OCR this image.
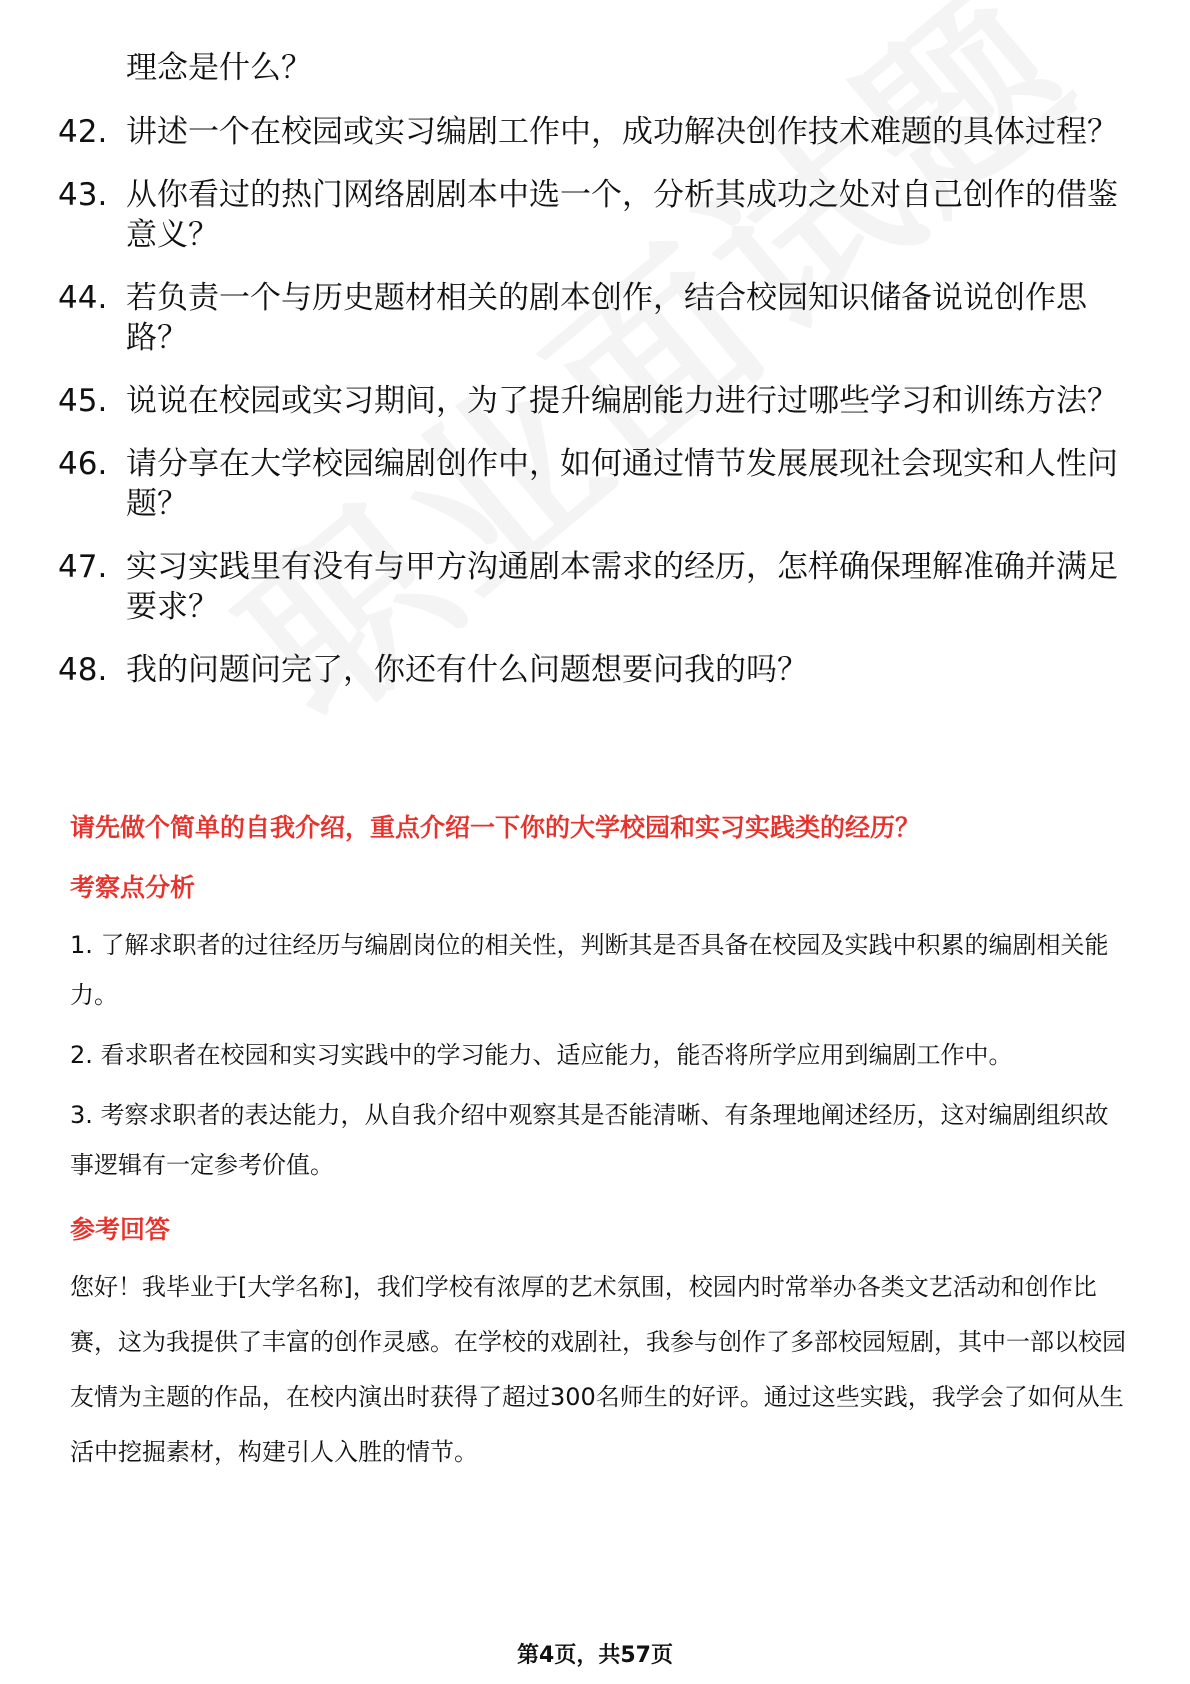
理念是什么？
42. 讲述一个在校园或实习编剧工作中，成功解决创作技术难题的具体过程？
43. 从你看过的热门网络剧剧本中选一个，分析其成功之处对自己创作的借鉴意义？
44. 若负责一个与历史题材相关的剧本创作，结合校园知识储备说说创作思路？
45. 说说在校园或实习期间，为了提升编剧能力进行过哪些学习和训练方法？
46. 请分享在大学校园编剧创作中，如何通过情节发展展现社会现实和人性问题？
47. 实习实践里有没有与甲方沟通剧本需求的经历，怎样确保理解准确并满足要求？
48. 我的问题问完了，你还有什么问题想要问我的吗？
请先做个简单的自我介绍，重点介绍一下你的大学校园和实习实践类的经历？
考察点分析

1. 了解求职者的过往经历与编剧岗位的相关性，判断其是否具备在校园及实践中积累的编剧相关能力。

2. 看求职者在校园和实习实践中的学习能力、适应能力，能否将所学应用到编剧工作中。

3. 考察求职者的表达能力，从自我介绍中观察其是否能清晰、有条理地阐述经历，这对编剧组织故事逻辑有一定参考价值。

参考回答

您好！我毕业于[大学名称]，我们学校有浓厚的艺术氛围，校园内时常举办各类文艺活动和创作比赛，这为我提供了丰富的创作灵感。在学校的戏剧社，我参与创作了多部校园短剧，其中一部以校园友情为主题的作品，在校内演出时获得了超过300名师生的好评。通过这些实践，我学会了如何从生活中挖掘素材，构建引人入胜的情节。

第4页，共57页
